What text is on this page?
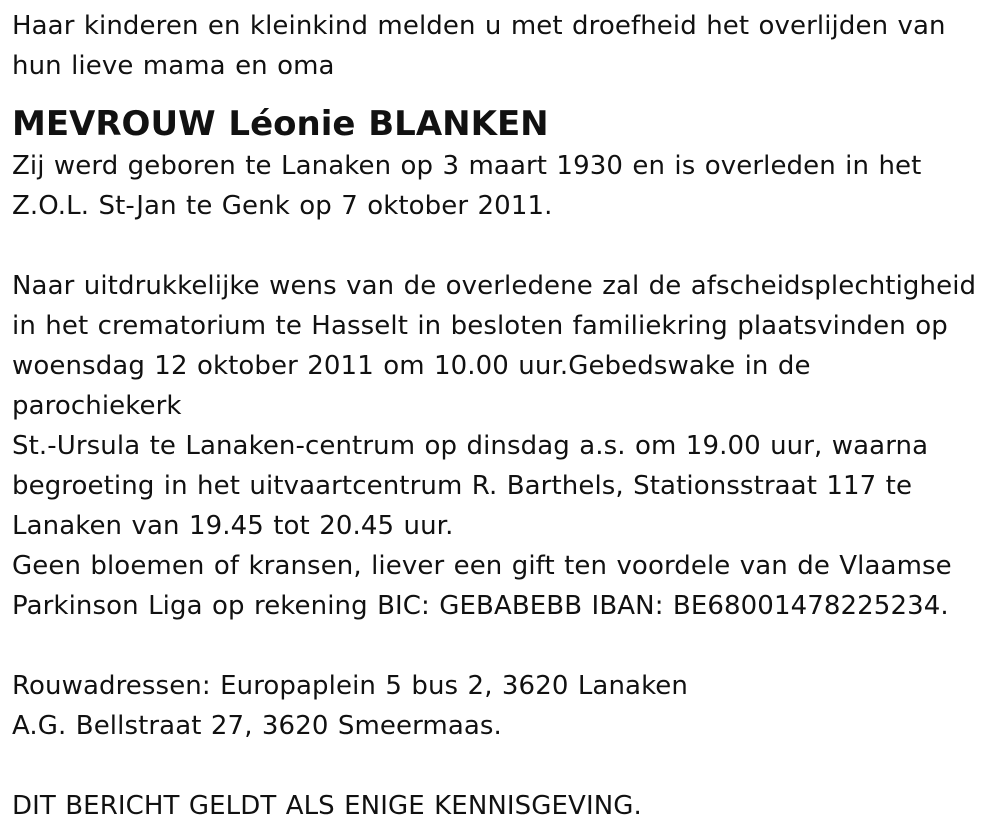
Haar kinderen en kleinkind melden u met droefheid het overlijden van
hun lieve mama en oma

MEVROUW Léonie BLANKEN

Zij werd geboren te Lanaken op 3 maart 1930 en is overleden in het
Z.O.L. St-Jan te Genk op 7 oktober 2011.

Naar uitdrukkelijke wens van de overledene zal de afscheidsplechtigheid
in het crematorium te Hasselt in besloten familiekring plaatsvinden op
woensdag 12 oktober 2011 om 10.00 uur.Gebedswake in de parochiekerk
St.-Ursula te Lanaken-centrum op dinsdag a.s. om 19.00 uur, waarna
begroeting in het uitvaartcentrum R. Barthels, Stationsstraat 117 te
Lanaken van 19.45 tot 20.45 uur.

Geen bloemen of kransen, liever een gift ten voordele van de Vlaamse
Parkinson Liga op rekening BIC: GEBABEBB IBAN: BE68001478225234.

Rouwadressen: Europaplein 5 bus 2, 3620 Lanaken

A.G. Bellstraat 27, 3620 Smeermaas.

DIT BERICHT GELDT ALS ENIGE KENNISGEVING.
